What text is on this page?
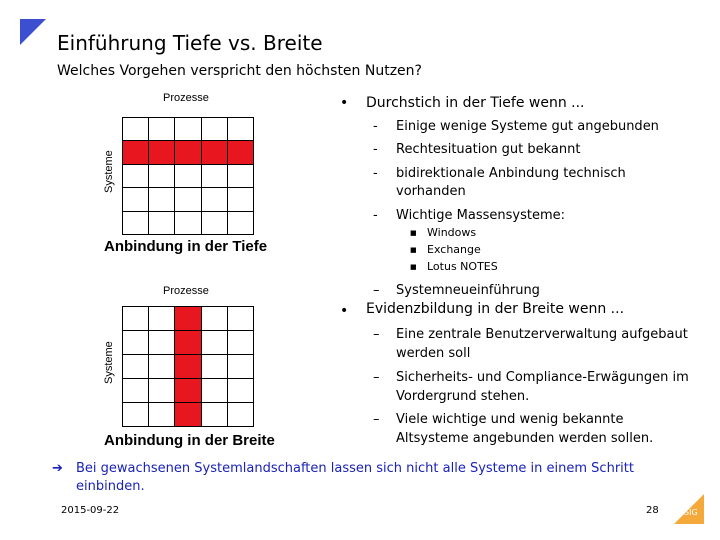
Einführung Tiefe vs. Breite
Welches Vorgehen verspricht den höchsten Nutzen?
Prozesse
Systeme
Anbindung in der Tiefe
Prozesse
Systeme
Anbindung in der Breite
• Durchstich in der Tiefe wenn ...
- Einige wenige Systeme gut angebunden
- Rechtesituation gut bekannt
- bidirektionale Anbindung technisch
vorhanden
- Wichtige Massensysteme:
■ Windows
■ Exchange
■ Lotus NOTES
– Systemneueinführung
• Evidenzbildung in der Breite wenn ...
– Eine zentrale Benutzerverwaltung aufgebaut
werden soll
– Sicherheits- und Compliance-Erwägungen im
Vordergrund stehen.
– Viele wichtige und wenig bekannte
Altsysteme angebunden werden sollen.
➔ Bei gewachsenen Systemlandschaften lassen sich nicht alle Systeme in einem Schritt
einbinden.
2015-09-22	28	SIG
